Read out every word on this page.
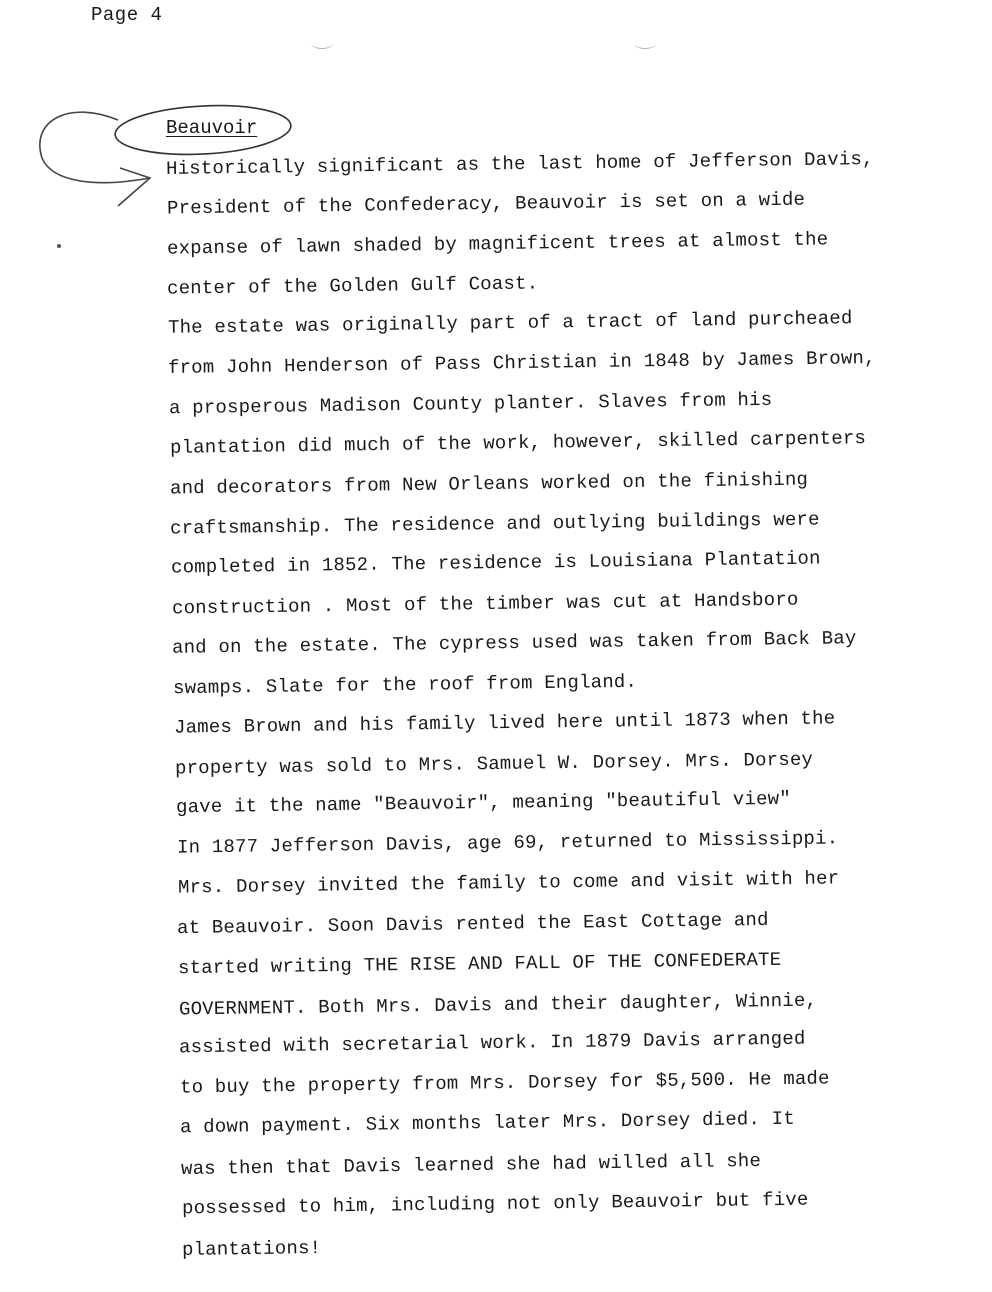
Page 4
Beauvoir
Historically significant as the last home of Jefferson Davis,
President of the Confederacy, Beauvoir is set on a wide
expanse of lawn shaded by magnificent trees at almost the
center of the Golden Gulf Coast.
The estate was originally part of a tract of land purcheaed
from John Henderson of Pass Christian in 1848 by James Brown,
a prosperous Madison County planter. Slaves from his
plantation did much of the work, however, skilled carpenters
and decorators from New Orleans worked on the finishing
craftsmanship. The residence and outlying buildings were
completed in 1852. The residence is Louisiana Plantation
construction . Most of the timber was cut at Handsboro
and on the estate. The cypress used was taken from Back Bay
swamps. Slate for the roof from England.
James Brown and his family lived here until 1873 when the
property was sold to Mrs. Samuel W. Dorsey. Mrs. Dorsey
gave it the name "Beauvoir", meaning "beautiful view"
In 1877 Jefferson Davis, age 69, returned to Mississippi.
Mrs. Dorsey invited the family to come and visit with her
at Beauvoir. Soon Davis rented the East Cottage and
started writing THE RISE AND FALL OF THE CONFEDERATE
GOVERNMENT. Both Mrs. Davis and their daughter, Winnie,
assisted with secretarial work. In 1879 Davis arranged
to buy the property from Mrs. Dorsey for $5,500. He made
a down payment. Six months later Mrs. Dorsey died. It
was then that Davis learned she had willed all she
possessed to him, including not only Beauvoir but five
plantations!
